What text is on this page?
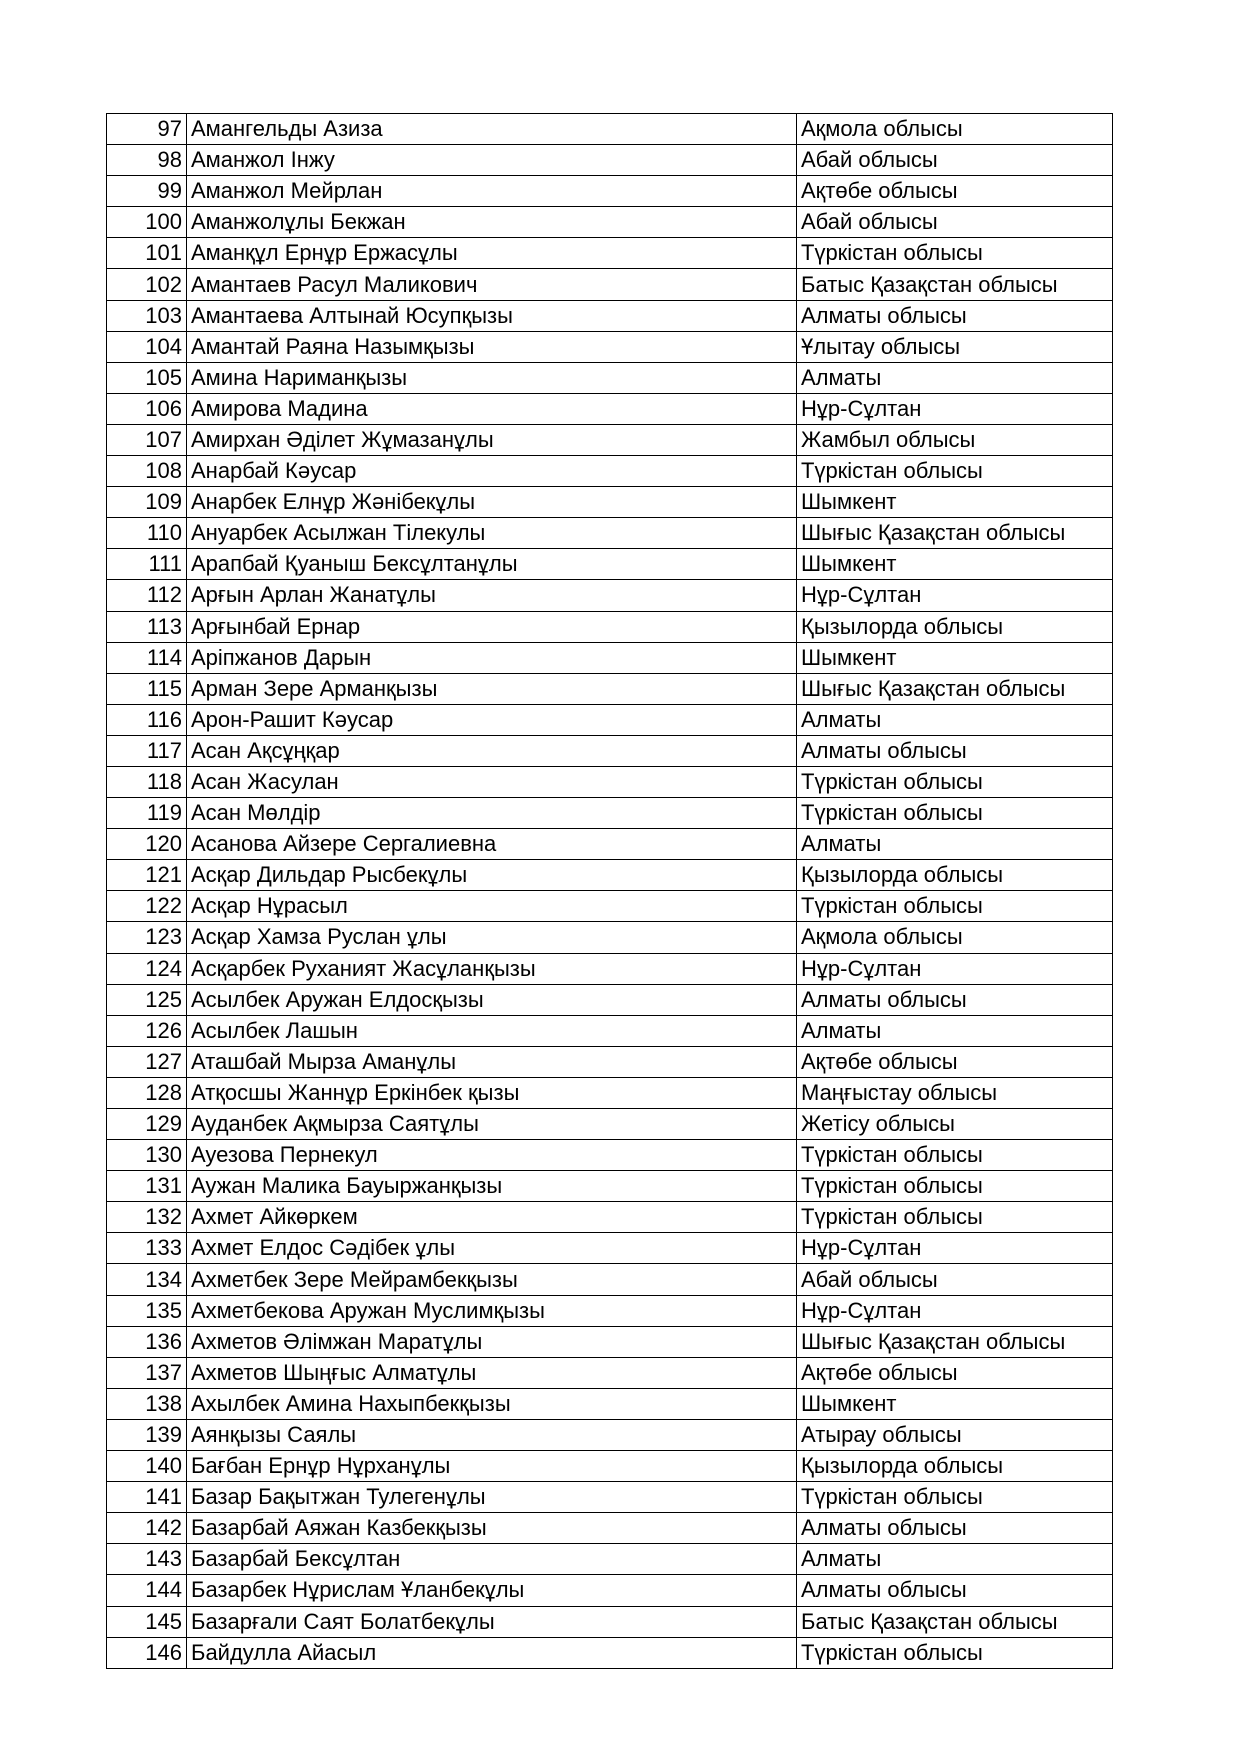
97	Амангельды Азиза	Ақмола облысы
98	Аманжол Інжу	Абай облысы
99	Аманжол Мейрлан	Ақтөбе облысы
100	Аманжолұлы Бекжан	Абай облысы
101	Аманқұл Ернұр Ержасұлы	Түркістан облысы
102	Амантаев Расул Маликович	Батыс Қазақстан облысы
103	Амантаева Алтынай Юсупқызы	Алматы облысы
104	Амантай Раяна Назымқызы	Ұлытау облысы
105	Амина Нариманқызы	Алматы
106	Амирова Мадина	Нұр-Сұлтан
107	Амирхан Әділет Жұмазанұлы	Жамбыл облысы
108	Анарбай Кәусар	Түркістан облысы
109	Анарбек Елнұр Жәнібекұлы	Шымкент
110	Ануарбек Асылжан Тілекулы	Шығыс Қазақстан облысы
111	Арапбай Қуаныш Бексұлтанұлы	Шымкент
112	Арғын Арлан Жанатұлы	Нұр-Сұлтан
113	Арғынбай Ернар	Қызылорда облысы
114	Аріпжанов Дарын	Шымкент
115	Арман Зере Арманқызы	Шығыс Қазақстан облысы
116	Арон-Рашит Кәусар	Алматы
117	Асан Ақсұңқар	Алматы облысы
118	Асан Жасулан	Түркістан облысы
119	Асан Мөлдір	Түркістан облысы
120	Асанова Айзере Сергалиевна	Алматы
121	Асқар Дильдар Рысбекұлы	Қызылорда облысы
122	Асқар Нұрасыл	Түркістан облысы
123	Асқар Хамза Руслан ұлы	Ақмола облысы
124	Асқарбек Руханият Жасұланқызы	Нұр-Сұлтан
125	Асылбек Аружан Елдосқызы	Алматы облысы
126	Асылбек Лашын	Алматы
127	Аташбай Мырза Аманұлы	Ақтөбе облысы
128	Атқосшы Жаннұр Еркінбек қызы	Маңғыстау облысы
129	Ауданбек Ақмырза Саятұлы	Жетісу облысы
130	Ауезова Пернекул	Түркістан облысы
131	Аужан Малика Бауыржанқызы	Түркістан облысы
132	Ахмет Айкөркем	Түркістан облысы
133	Ахмет Елдос Сәдібек ұлы	Нұр-Сұлтан
134	Ахметбек Зере Мейрамбекқызы	Абай облысы
135	Ахметбекова Аружан Муслимқызы	Нұр-Сұлтан
136	Ахметов Әлімжан Маратұлы	Шығыс Қазақстан облысы
137	Ахметов Шыңғыс Алматұлы	Ақтөбе облысы
138	Ахылбек Амина Нахыпбекқызы	Шымкент
139	Аянқызы Саялы	Атырау облысы
140	Бағбан Ернұр Нұрханұлы	Қызылорда облысы
141	Базар Бақытжан Тулегенұлы	Түркістан облысы
142	Базарбай Аяжан Казбекқызы	Алматы облысы
143	Базарбай Бексұлтан	Алматы
144	Базарбек Нұрислам Ұланбекұлы	Алматы облысы
145	Базарғали Саят Болатбекұлы	Батыс Қазақстан облысы
146	Байдулла Айасыл	Түркістан облысы
